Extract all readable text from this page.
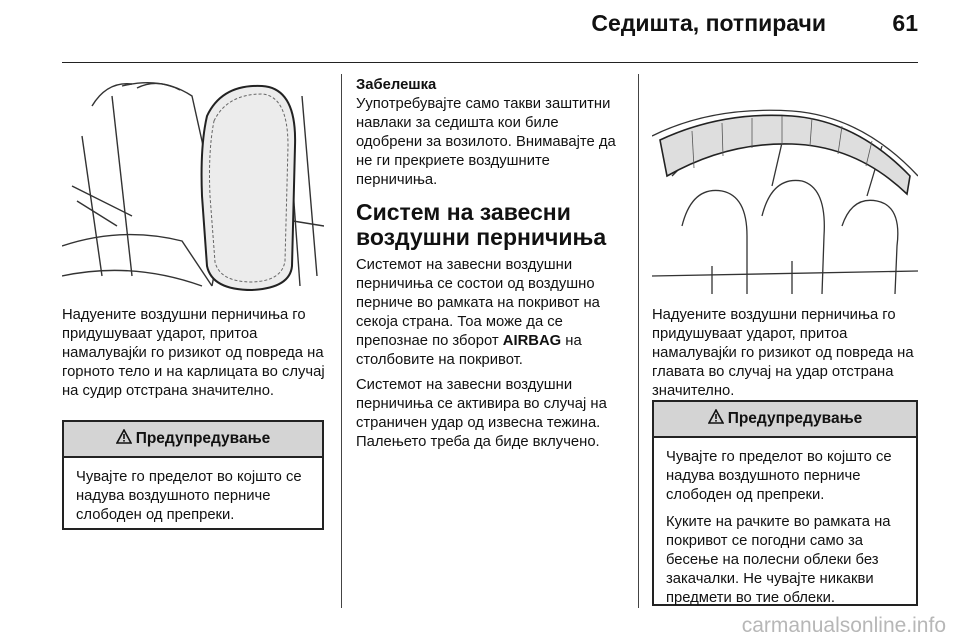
Седишта, потпирачи	61
Надуените воздушни перничиња го придушуваат ударот, притоа намалувајќи го ризикот од повреда на горното тело и на карлицата во случај на судир отстрана значително.
Предупредување
Чувајте го пределот во којшто се надува воздушното перниче слободен од препреки.
Забелешка
Уупотребувајте само такви заштитни навлаки за седишта кои биле одобрени за возилото. Внимавајте да не ги прекриете воздушните перничиња.
Систем на завесни воздушни перничиња
Системот на завесни воздушни перничиња се состои од воздушно перниче во рамката на покривот на секоја страна. Тоа може да се препознае по зборот AIRBAG на столбовите на покривот.
Системот на завесни воздушни перничиња се активира во случај на страничен удар од извесна тежина. Палењето треба да биде вклучено.
Надуените воздушни перничиња го придушуваат ударот, притоа намалувајќи го ризикот од повреда на главата во случај на удар отстрана значително.
Предупредување
Чувајте го пределот во којшто се надува воздушното перниче слободен од препреки.
Куките на рачките во рамката на покривот се погодни само за бесење на полесни облеки без закачалки. Не чувајте никакви предмети во тие облеки.
carmanualsonline.info
